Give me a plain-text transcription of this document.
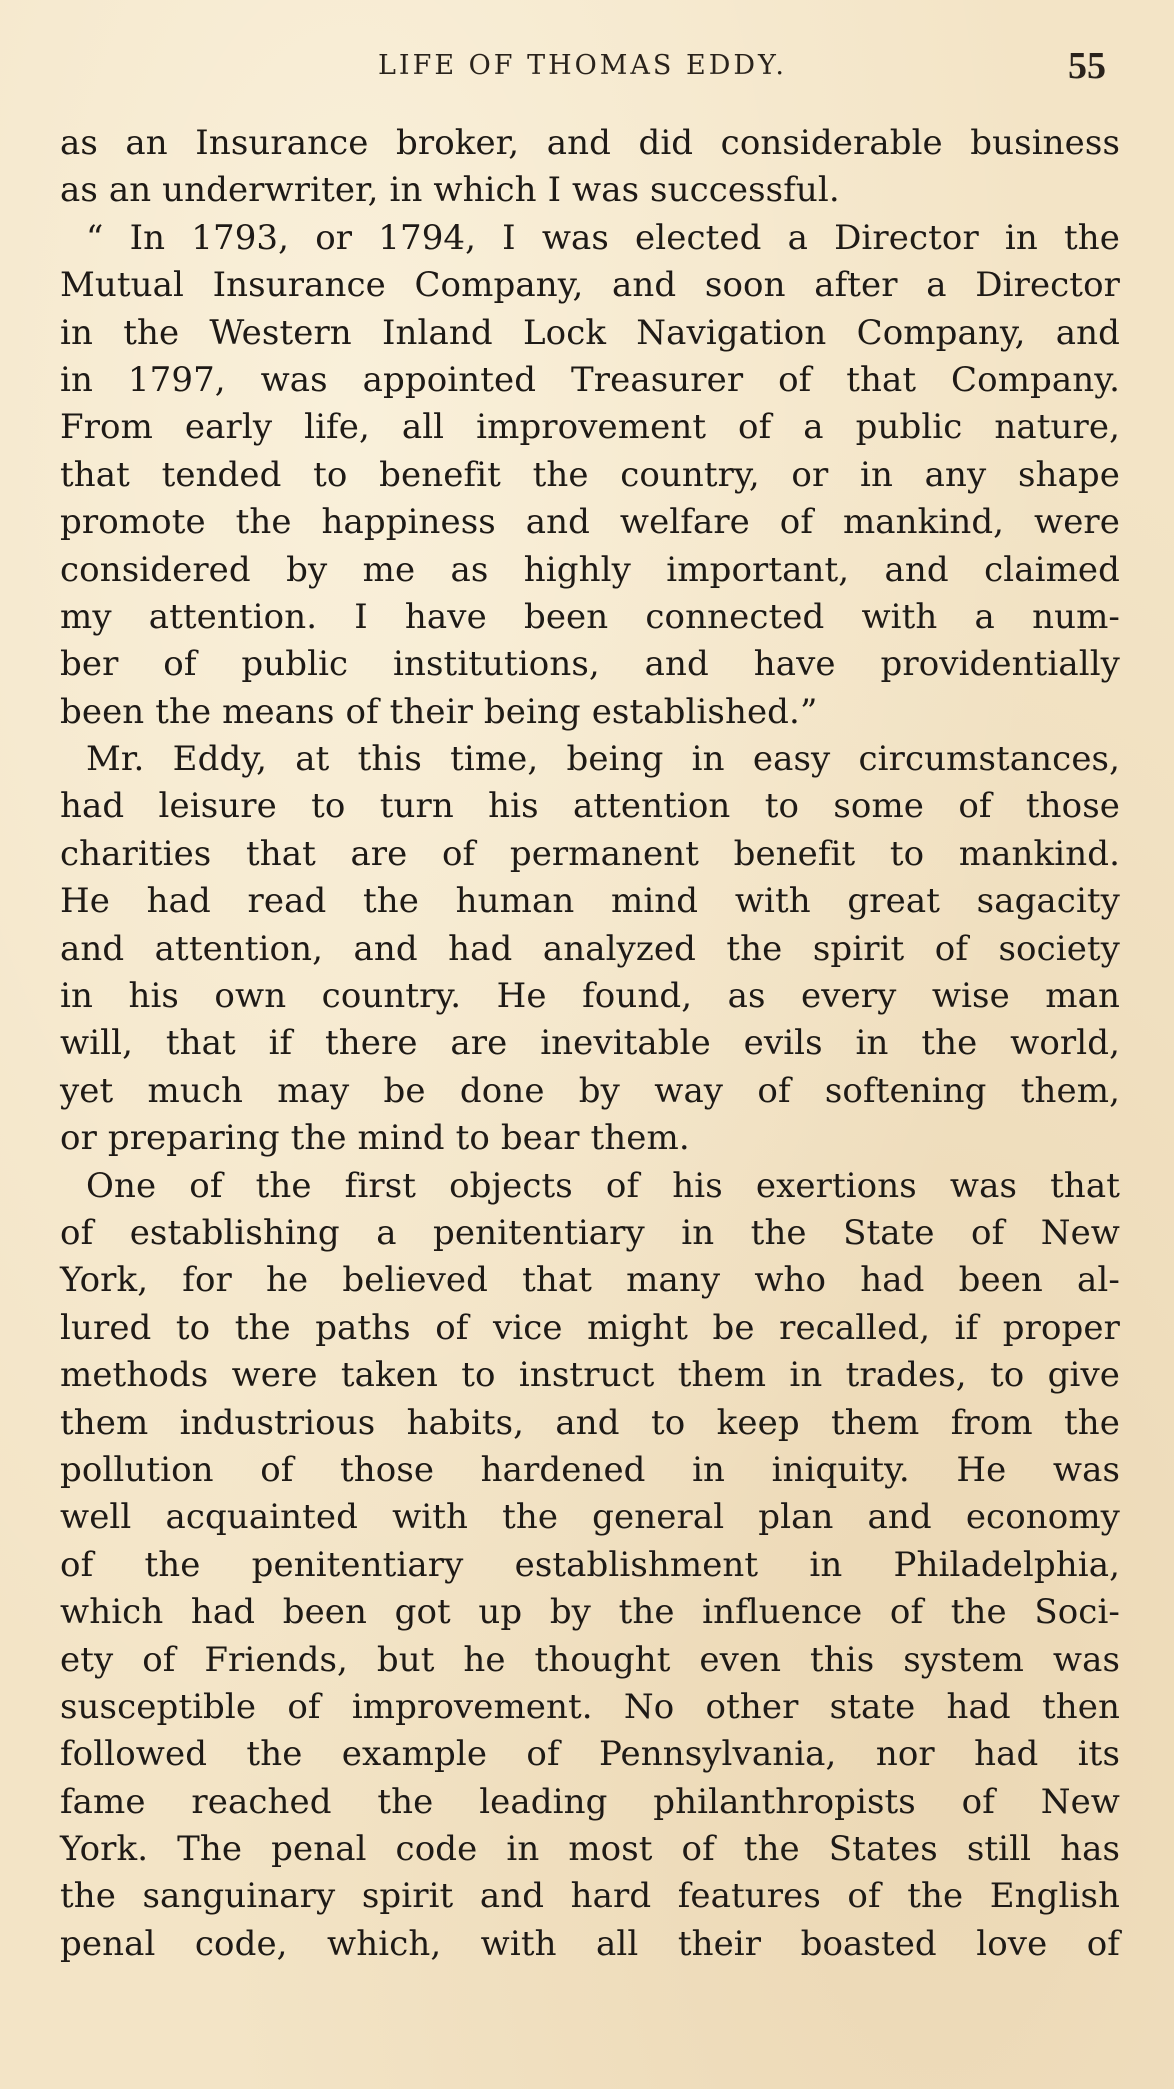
LIFE OF THOMAS EDDY.	55
as an Insurance broker, and did considerable business
as an underwriter, in which I was successful.
“ In 1793, or 1794, I was elected a Director in the
Mutual Insurance Company, and soon after a Director
in the Western Inland Lock Navigation Company, and
in 1797, was appointed Treasurer of that Company.
From early life, all improvement of a public nature,
that tended to benefit the country, or in any shape
promote the happiness and welfare of mankind, were
considered by me as highly important, and claimed
my attention. I have been connected with a num-
ber of public institutions, and have providentially
been the means of their being established.”
Mr. Eddy, at this time, being in easy circumstances,
had leisure to turn his attention to some of those
charities that are of permanent benefit to mankind.
He had read the human mind with great sagacity
and attention, and had analyzed the spirit of society
in his own country. He found, as every wise man
will, that if there are inevitable evils in the world,
yet much may be done by way of softening them,
or preparing the mind to bear them.
One of the first objects of his exertions was that
of establishing a penitentiary in the State of New
York, for he believed that many who had been al-
lured to the paths of vice might be recalled, if proper
methods were taken to instruct them in trades, to give
them industrious habits, and to keep them from the
pollution of those hardened in iniquity. He was
well acquainted with the general plan and economy
of the penitentiary establishment in Philadelphia,
which had been got up by the influence of the Soci-
ety of Friends, but he thought even this system was
susceptible of improvement. No other state had then
followed the example of Pennsylvania, nor had its
fame reached the leading philanthropists of New
York. The penal code in most of the States still has
the sanguinary spirit and hard features of the English
penal code, which, with all their boasted love of
